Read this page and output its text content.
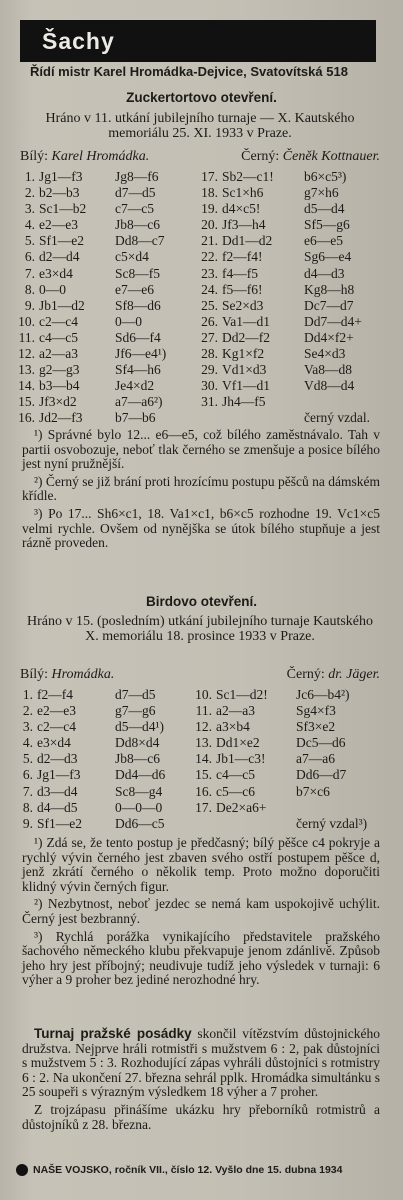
Šachy
Řídí mistr Karel Hromádka-Dejvice, Svatovítská 518
Zuckertortovo otevření.
Hráno v 11. utkání jubilejního turnaje — X. Kautského memoriálu 25. XI. 1933 v Praze.
Bílý: Karel Hromádka.	Černý: Čeněk Kottnauer.
1. Jg1—f3	Jg8—f6
2. b2—b3	d7—d5
3. Sc1—b2	c7—c5
4. e2—e3	Jb8—c6
5. Sf1—e2	Dd8—c7
6. d2—d4	c5×d4
7. e3×d4	Sc8—f5
8. 0—0	e7—e6
9. Jb1—d2	Sf8—d6
10. c2—c4	0—0
11. c4—c5	Sd6—f4
12. a2—a3	Jf6—e4¹)
13. g2—g3	Sf4—h6
14. b3—b4	Je4×d2
15. Jf3×d2	a7—a6²)
16. Jd2—f3	b7—b6
17. Sb2—c1!	b6×c5³)
18. Sc1×h6	g7×h6
19. d4×c5!	d5—d4
20. Jf3—h4	Sf5—g6
21. Dd1—d2	e6—e5
22. f2—f4!	Sg6—e4
23. f4—f5	d4—d3
24. f5—f6!	Kg8—h8
25. Se2×d3	Dc7—d7
26. Va1—d1	Dd7—d4+
27. Dd2—f2	Dd4×f2+
28. Kg1×f2	Se4×d3
29. Vd1×d3	Va8—d8
30. Vf1—d1	Vd8—d4
31. Jh4—f5
černý vzdal.

¹) Správné bylo 12... e6—e5, což bílého zaměstnávalo. Tah v partii osvobozuje, neboť tlak černého se zmenšuje a posice bílého jest nyní pružnější.

²) Černý se již brání proti hrozícímu postupu pěšců na dámském křídle.

³) Po 17... Sh6×c1, 18. Va1×c1, b6×c5 rozhodne 19. Vc1×c5 velmi rychle. Ovšem od nynějška se útok bílého stupňuje a jest rázně proveden.

Birdovo otevření.
Hráno v 15. (posledním) utkání jubilejního turnaje Kautského X. memoriálu 18. prosince 1933 v Praze.
Bílý: Hromádka.	Černý: dr. Jäger.
1. f2—f4	d7—d5
2. e2—e3	g7—g6
3. c2—c4	d5—d4¹)
4. e3×d4	Dd8×d4
5. d2—d3	Jb8—c6
6. Jg1—f3	Dd4—d6
7. d3—d4	Sc8—g4
8. d4—d5	0—0—0
9. Sf1—e2	Dd6—c5
10. Sc1—d2!	Jc6—b4²)
11. a2—a3	Sg4×f3
12. a3×b4	Sf3×e2
13. Dd1×e2	Dc5—d6
14. Jb1—c3!	a7—a6
15. c4—c5	Dd6—d7
16. c5—c6	b7×c6
17. De2×a6+
černý vzdal³)

¹) Zdá se, že tento postup je předčasný; bílý pěšce c4 pokryje a rychlý vývin černého jest zbaven svého ostří postupem pěšce d, jenž zkrátí černého o několik temp. Proto možno doporučiti klidný vývin černých figur.

²) Nezbytnost, neboť jezdec se nemá kam uspokojivě uchýlit. Černý jest bezbranný.

³) Rychlá porážka vynikajícího představitele pražského šachového německého klubu překvapuje jenom zdánlivě. Způsob jeho hry jest příbojný; neudivuje tudíž jeho výsledek v turnaji: 6 výher a 9 proher bez jediné nerozhodné hry.

Turnaj pražské posádky skončil vítězstvím důstojnického družstva. Nejprve hráli rotmistři s mužstvem 6 : 2, pak důstojníci s mužstvem 5 : 3. Rozhodující zápas vyhráli důstojníci s rotmistry 6 : 2. Na ukončení 27. března sehrál pplk. Hromádka simultánku s 25 soupeři s výrazným výsledkem 18 výher a 7 proher.

Z trojzápasu přinášíme ukázku hry přeborníků rotmistrů a důstojníků z 28. března.

NAŠE VOJSKO, ročník VII., číslo 12. Vyšlo dne 15. dubna 1934
